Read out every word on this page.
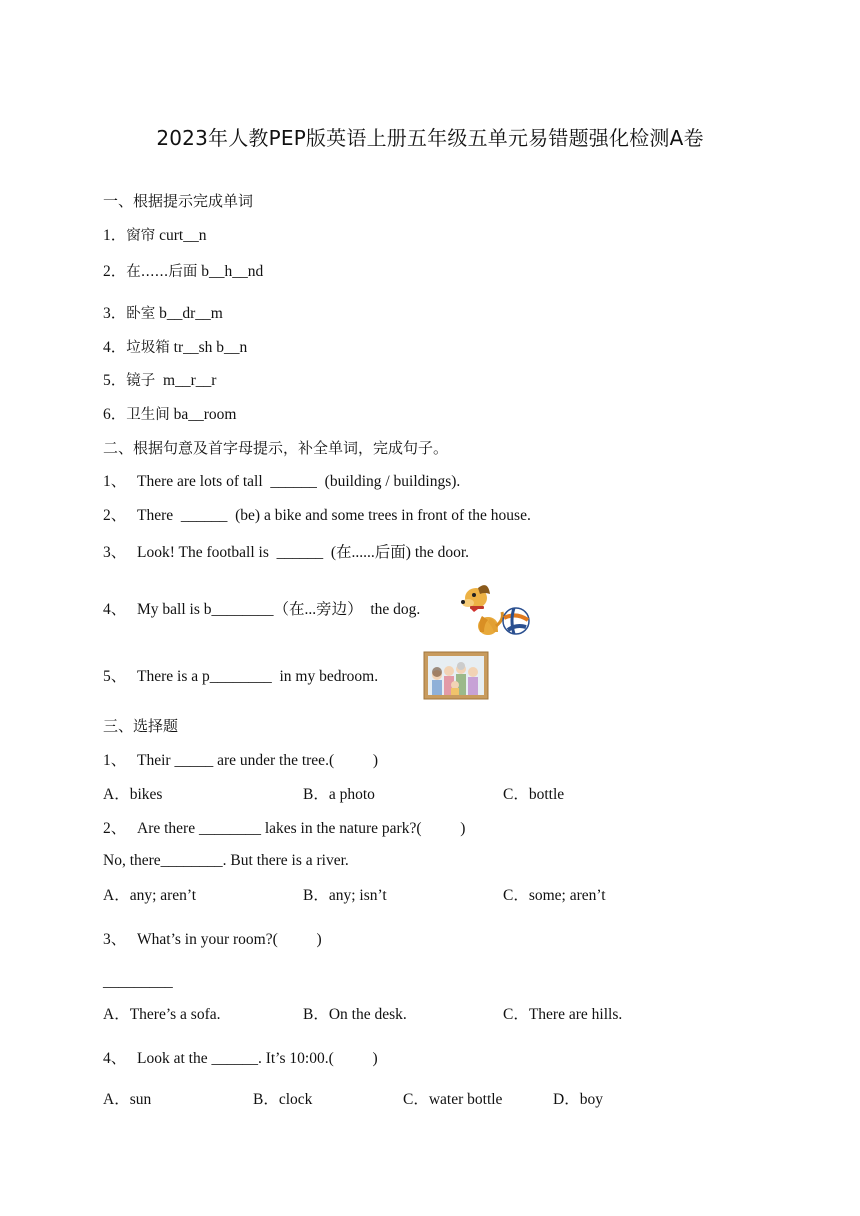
2023年人教PEP版英语上册五年级五单元易错题强化检测A卷
一、根据提示完成单词
1．窗帘 curt__n
2．在......后面 b__h__nd
3．卧室 b__dr__m
4．垃圾箱 tr__sh b__n
5．镜子  m__r__r
6．卫生间 ba__room
二、根据句意及首字母提示，补全单词，完成句子。
1、 There are lots of tall  ______  (building / buildings).
2、 There  ______  (be) a bike and some trees in front of the house.
3、 Look! The football is  ______  (在......后面) the door.
4、 My ball is b________（在...旁边）  the dog.
5、 There is a p________  in my bedroom.
三、选择题
1、 Their _____ are under the tree.(          )
A．bikes	B．a photo	C．bottle
2、 Are there ________ lakes in the nature park?(          )
No, there________. But there is a river.
A．any; aren’t	B．any; isn’t	C．some; aren’t
3、 What’s in your room?(          )
_________
A．There’s a sofa.	B．On the desk.	C．There are hills.
4、 Look at the ______. It’s 10:00.(          )
A．sun	B．clock	C．water bottle	D．boy
